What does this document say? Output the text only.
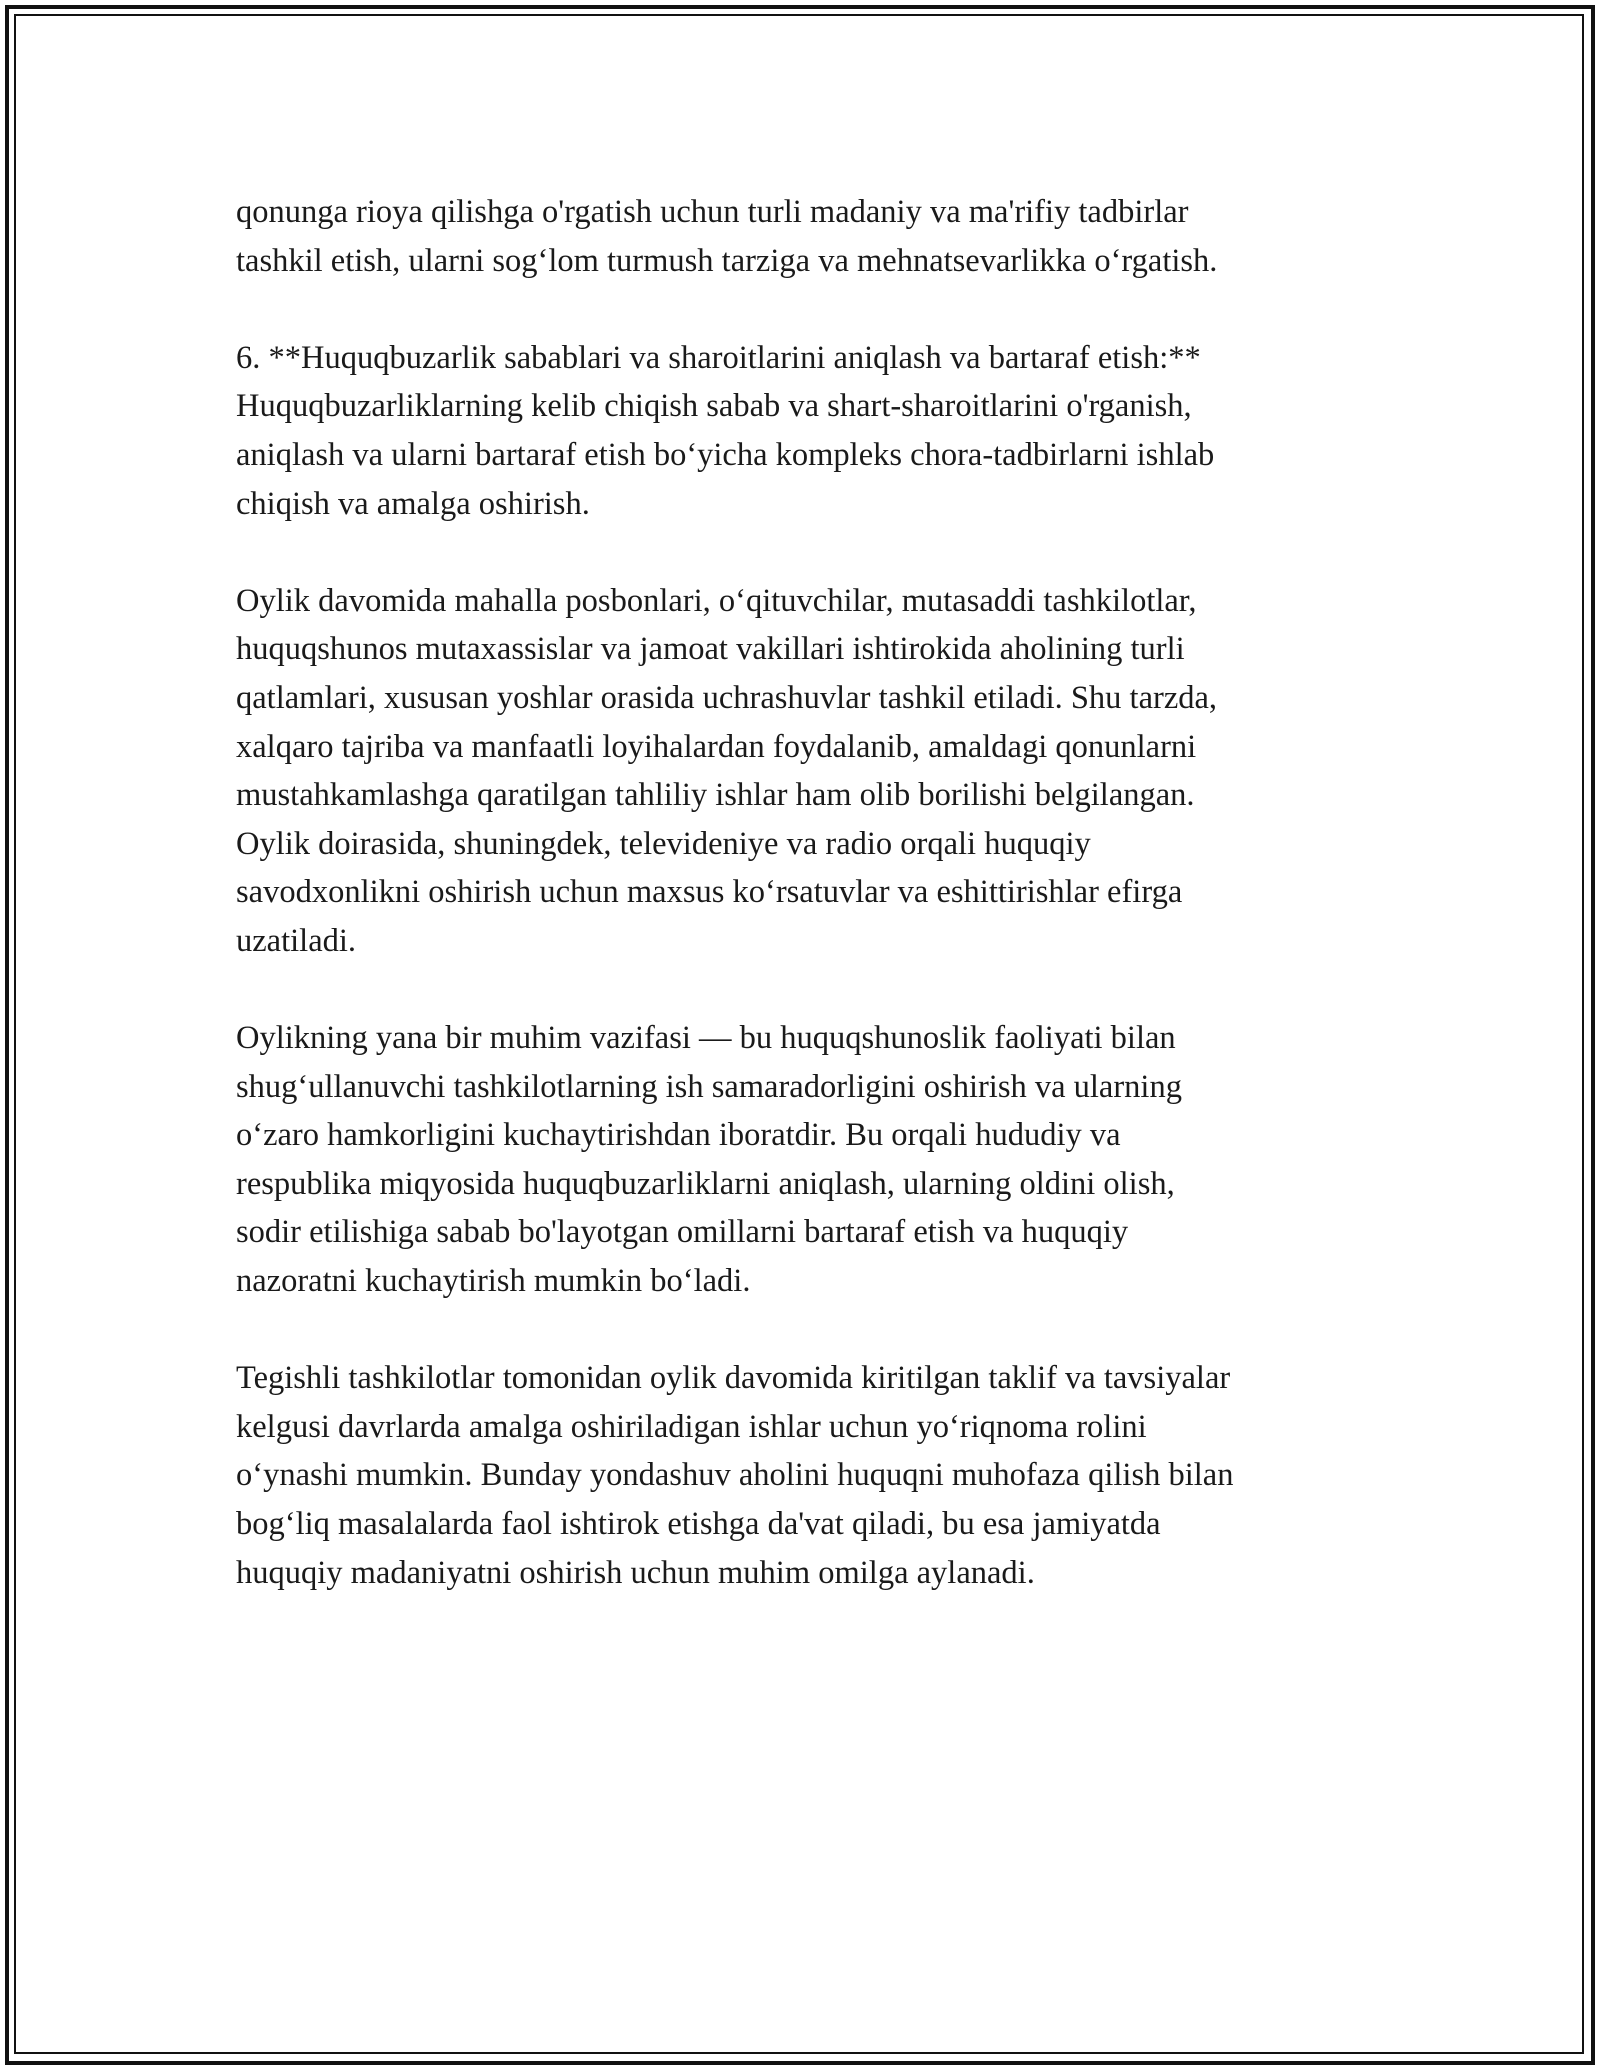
qonunga rioya qilishga o'rgatish uchun turli madaniy va ma'rifiy tadbirlar
tashkil etish, ularni sog‘lom turmush tarziga va mehnatsevarlikka o‘rgatish.

6. **Huquqbuzarlik sabablari va sharoitlarini aniqlash va bartaraf etish:**
Huquqbuzarliklarning kelib chiqish sabab va shart-sharoitlarini o'rganish,
aniqlash va ularni bartaraf etish bo‘yicha kompleks chora-tadbirlarni ishlab
chiqish va amalga oshirish.

Oylik davomida mahalla posbonlari, o‘qituvchilar, mutasaddi tashkilotlar,
huquqshunos mutaxassislar va jamoat vakillari ishtirokida aholining turli
qatlamlari, xususan yoshlar orasida uchrashuvlar tashkil etiladi. Shu tarzda,
xalqaro tajriba va manfaatli loyihalardan foydalanib, amaldagi qonunlarni
mustahkamlashga qaratilgan tahliliy ishlar ham olib borilishi belgilangan.
Oylik doirasida, shuningdek, televideniye va radio orqali huquqiy
savodxonlikni oshirish uchun maxsus ko‘rsatuvlar va eshittirishlar efirga
uzatiladi.

Oylikning yana bir muhim vazifasi — bu huquqshunoslik faoliyati bilan
shug‘ullanuvchi tashkilotlarning ish samaradorligini oshirish va ularning
o‘zaro hamkorligini kuchaytirishdan iboratdir. Bu orqali hududiy va
respublika miqyosida huquqbuzarliklarni aniqlash, ularning oldini olish,
sodir etilishiga sabab bo'layotgan omillarni bartaraf etish va huquqiy
nazoratni kuchaytirish mumkin bo‘ladi.

Tegishli tashkilotlar tomonidan oylik davomida kiritilgan taklif va tavsiyalar
kelgusi davrlarda amalga oshiriladigan ishlar uchun yo‘riqnoma rolini
o‘ynashi mumkin. Bunday yondashuv aholini huquqni muhofaza qilish bilan
bog‘liq masalalarda faol ishtirok etishga da'vat qiladi, bu esa jamiyatda
huquqiy madaniyatni oshirish uchun muhim omilga aylanadi.
